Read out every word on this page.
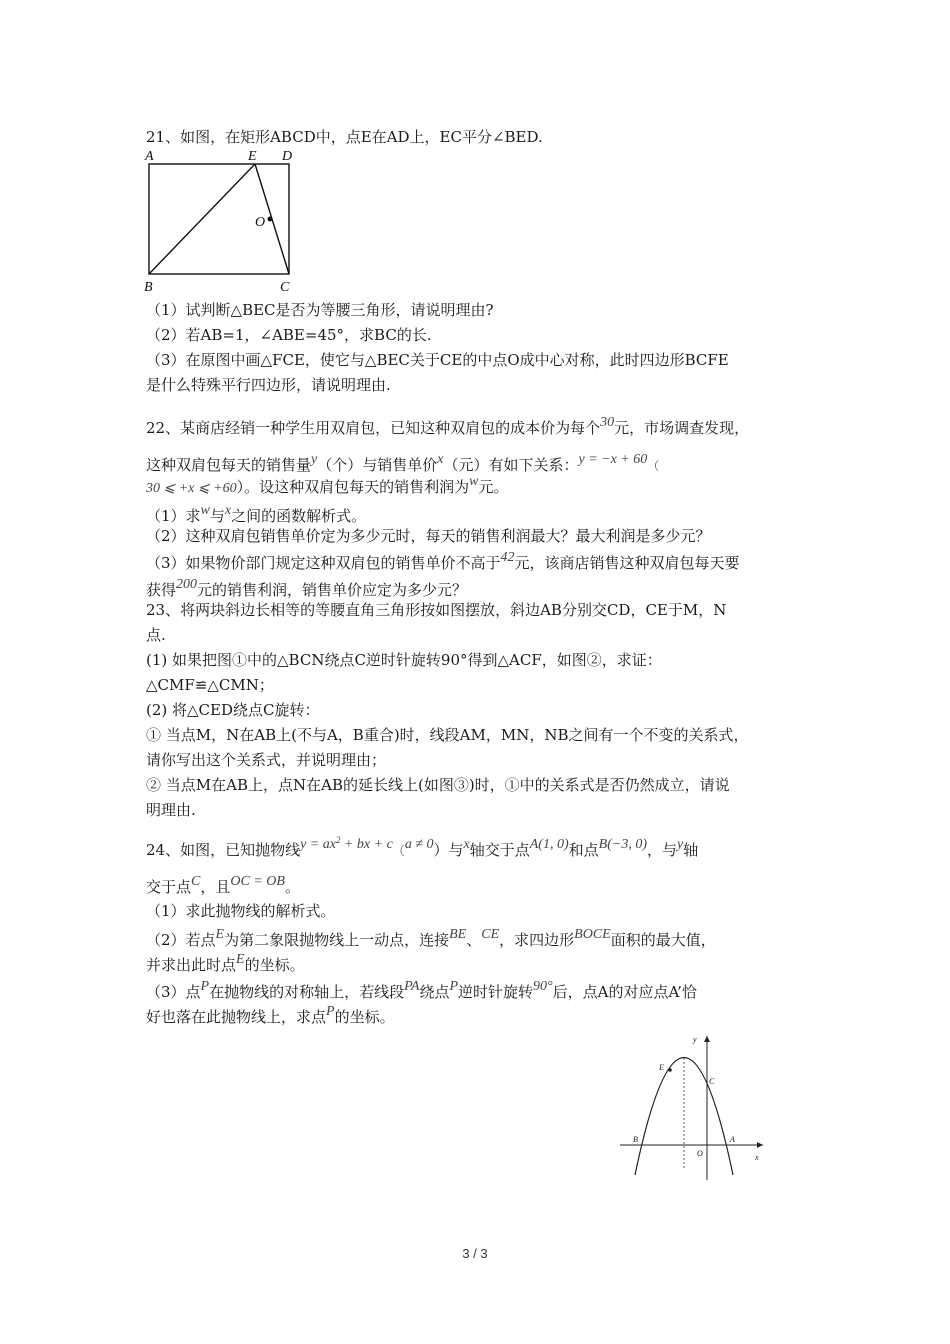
21、如图，在矩形ABCD中，点E在AD上，EC平分∠BED.
A	E D
O
B	C
（1）试判断△BEC是否为等腰三角形，请说明理由?
（2）若AB=1，∠ABE=45°，求BC的长.
（3）在原图中画△FCE，使它与△BEC关于CE的中点O成中心对称，此时四边形BCFE
是什么特殊平行四边形，请说明理由.
22、某商店经销一种学生用双肩包，已知这种双肩包的成本价为每个30元，市场调查发现，
这种双肩包每天的销售量y（个）与销售单价x（元）有如下关系：y = −x + 60（
30 ⩽ +x ⩽ +60）。设这种双肩包每天的销售利润为w元。
（1）求w与x之间的函数解析式。
（2）这种双肩包销售单价定为多少元时，每天的销售利润最大？最大利润是多少元？
（3）如果物价部门规定这种双肩包的销售单价不高于42元，该商店销售这种双肩包每天要
获得200元的销售利润，销售单价应定为多少元？
23、将两块斜边长相等的等腰直角三角形按如图摆放，斜边AB分别交CD，CE于M，N
点.
(1) 如果把图①中的△BCN绕点C逆时针旋转90°得到△ACF，如图②，求证：
△CMF≌△CMN；
(2) 将△CED绕点C旋转：
① 当点M，N在AB上(不与A，B重合)时，线段AM，MN，NB之间有一个不变的关系式，
请你写出这个关系式，并说明理由；
② 当点M在AB上，点N在AB的延长线上(如图③)时，①中的关系式是否仍然成立，请说
明理由.
24、如图，已知抛物线$y = ax^2$ + bx + c（a ≠ 0）与x轴交于点A(1, 0)和点B(−3, 0)，与y轴
交于点C，且OC = OB。
（1）求此抛物线的解析式。
（2）若点E为第二象限抛物线上一动点，连接BE、CE，求四边形BOCE面积的最大值，
并求出此时点E的坐标。
（3）点P在抛物线的对称轴上，若线段PA绕点P逆时针旋转90°后，点A的对应点A’恰
好也落在此抛物线上，求点P的坐标。
y
x
E
C
B
O
A
3 / 3
